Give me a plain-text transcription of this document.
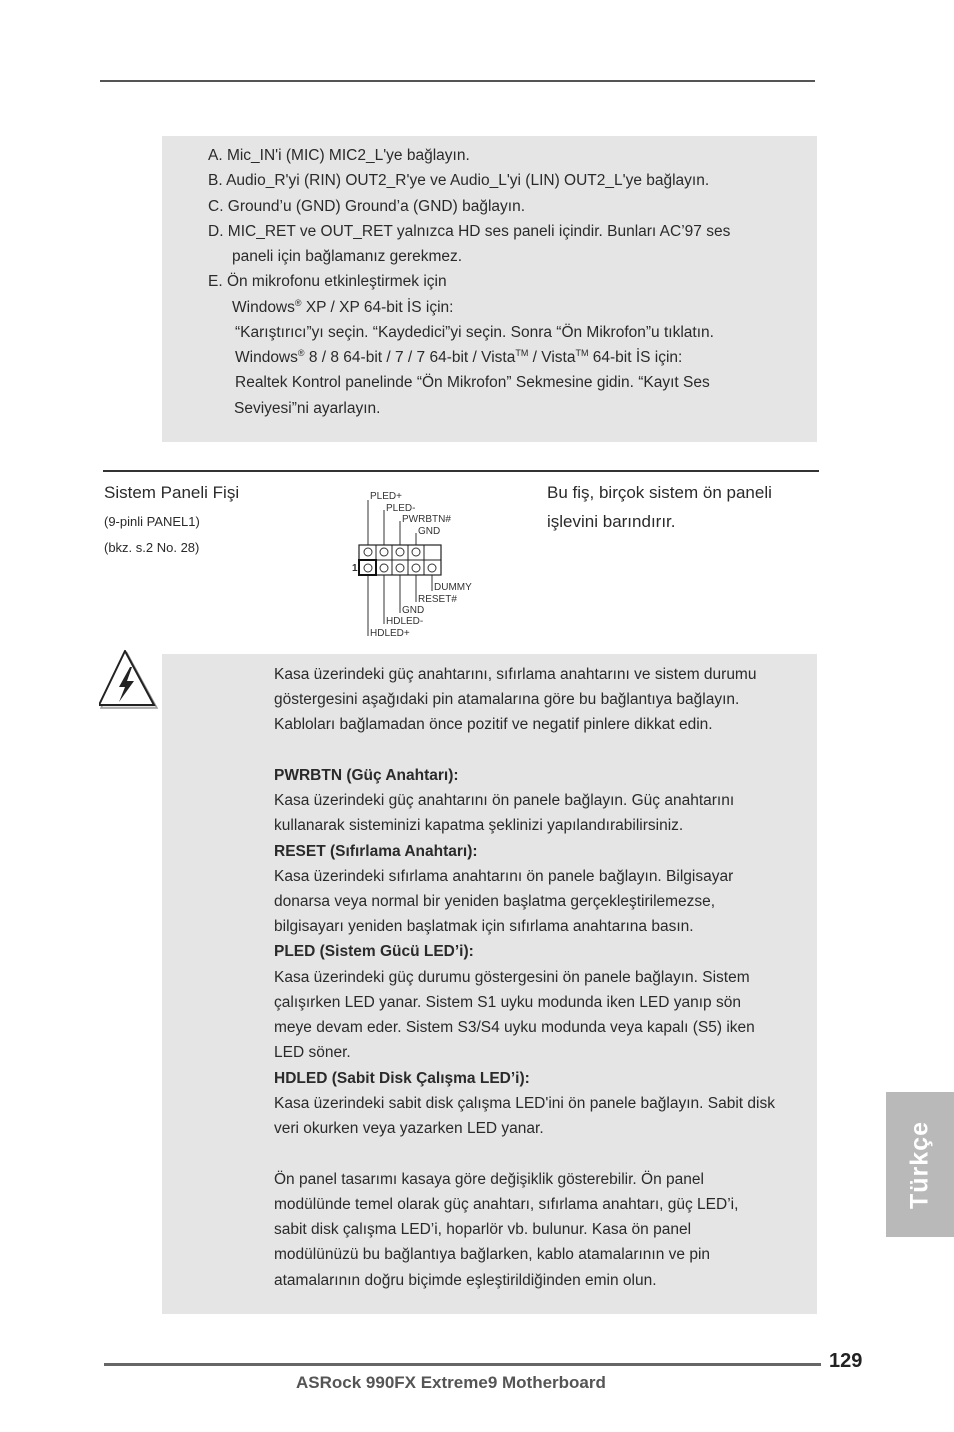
A. Mic_IN'i (MIC) MIC2_L'ye bağlayın.
B. Audio_R'yi (RIN) OUT2_R'ye ve Audio_L'yi (LIN) OUT2_L'ye bağlayın.
C. Ground’u (GND) Ground’a (GND) bağlayın.
D. MIC_RET ve OUT_RET yalnızca HD ses paneli içindir. Bunları AC’97 ses
paneli için bağlamanız gerekmez.
E. Ön mikrofonu etkinleştirmek için
Windows® XP / XP 64-bit İS için:
“Karıştırıcı”yı seçin. “Kaydedici”yi seçin. Sonra “Ön Mikrofon”u tıklatın.
Windows® 8 / 8 64-bit / 7 / 7 64-bit / Vista™ / Vista™ 64-bit İS için:
Realtek Kontrol panelinde “Ön Mikrofon” Sekmesine gidin. “Kayıt Ses
Seviyesi”ni ayarlayın.
Sistem Paneli Fişi
(9-pinli PANEL1)
(bkz. s.2 No. 28)
Bu fiş, birçok sistem ön paneli
işlevini barındırır.
1
PLED+
PLED-
PWRBTN#
GND
DUMMY
RESET#
GND
HDLED-
HDLED+
Kasa üzerindeki güç anahtarını, sıfırlama anahtarını ve sistem durumu
göstergesini aşağıdaki pin atamalarına göre bu bağlantıya bağlayın.
Kabloları bağlamadan önce pozitif ve negatif pinlere dikkat edin.
PWRBTN (Güç Anahtarı):
Kasa üzerindeki güç anahtarını ön panele bağlayın. Güç anahtarını
kullanarak sisteminizi kapatma şeklinizi yapılandırabilirsiniz.
RESET (Sıfırlama Anahtarı):
Kasa üzerindeki sıfırlama anahtarını ön panele bağlayın. Bilgisayar
donarsa veya normal bir yeniden başlatma gerçekleştirilemezse,
bilgisayarı yeniden başlatmak için sıfırlama anahtarına basın.
PLED (Sistem Gücü LED’i):
Kasa üzerindeki güç durumu göstergesini ön panele bağlayın. Sistem
çalışırken LED yanar. Sistem S1 uyku modunda iken LED yanıp sön
meye devam eder. Sistem S3/S4 uyku modunda veya kapalı (S5) iken
LED söner.
HDLED (Sabit Disk Çalışma LED’i):
Kasa üzerindeki sabit disk çalışma LED'ini ön panele bağlayın. Sabit disk
veri okurken veya yazarken LED yanar.
Ön panel tasarımı kasaya göre değişiklik gösterebilir. Ön panel
modülünde temel olarak güç anahtarı, sıfırlama anahtarı, güç LED’i,
sabit disk çalışma LED’i, hoparlör vb. bulunur. Kasa ön panel
modülünüzü bu bağlantıya bağlarken, kablo atamalarının ve pin
atamalarının doğru biçimde eşleştirildiğinden emin olun.
Türkçe
129
ASRock 990FX Extreme9 Motherboard
